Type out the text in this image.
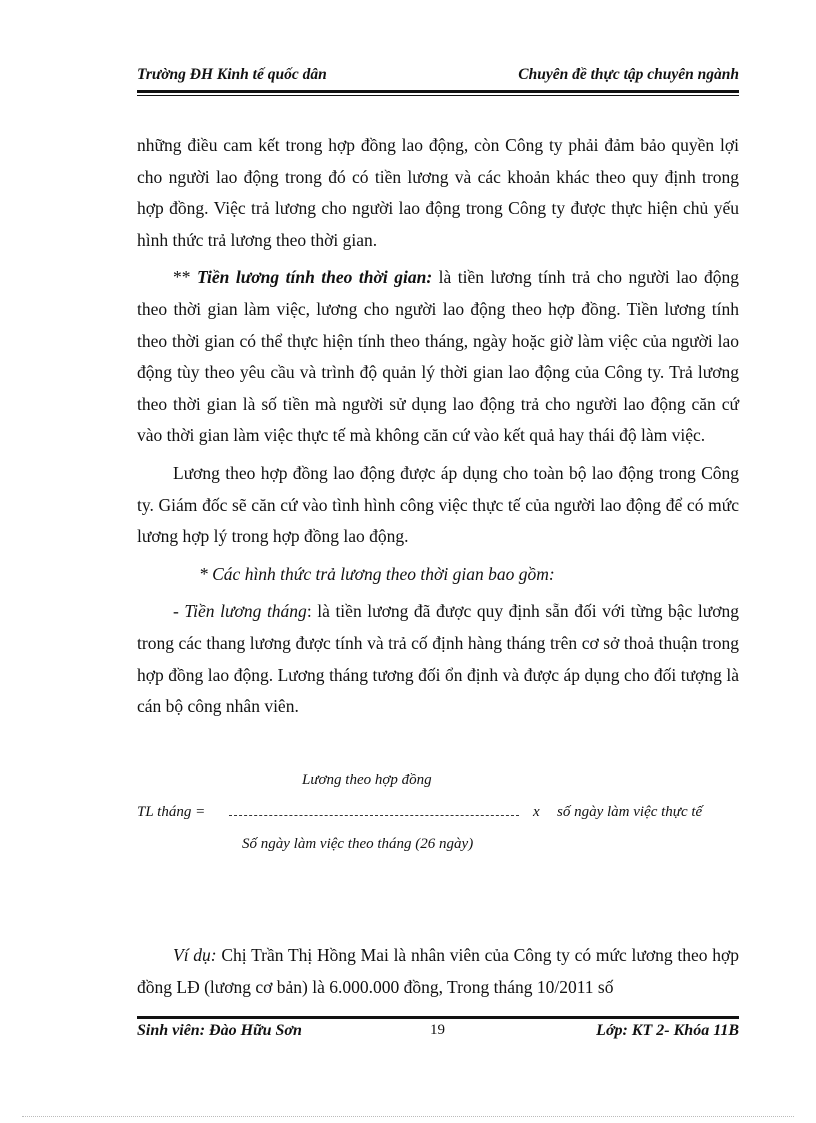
Trường ĐH Kinh tế quốc dân	Chuyên đề thực tập chuyên ngành

những điều cam kết trong hợp đồng lao động, còn Công ty phải đảm bảo quyền lợi cho người lao động trong đó có tiền lương và các khoản khác theo quy định trong hợp đồng. Việc trả lương cho người lao động trong Công ty được thực hiện chủ yếu hình thức trả lương theo thời gian.

** Tiền lương tính theo thời gian: là tiền lương tính trả cho người lao động theo thời gian làm việc, lương cho người lao động theo hợp đồng. Tiền lương tính theo thời gian có thể thực hiện tính theo tháng, ngày hoặc giờ làm việc của người lao động tùy theo yêu cầu và trình độ quản lý thời gian lao động của Công ty. Trả lương theo thời gian là số tiền mà người sử dụng lao động trả cho người lao động căn cứ vào thời gian làm việc thực tế mà không căn cứ vào kết quả hay thái độ làm việc.

Lương theo hợp đồng lao động được áp dụng cho toàn bộ lao động trong Công ty. Giám đốc sẽ căn cứ vào tình hình công việc thực tế của người lao động để có mức lương hợp lý trong hợp đồng lao động.

* Các hình thức trả lương theo thời gian bao gồm:

- Tiền lương tháng: là tiền lương đã được quy định sẵn đối với từng bậc lương trong các thang lương được tính và trả cố định hàng tháng trên cơ sở thoả thuận trong hợp đồng lao động. Lương tháng tương đối ổn định và được áp dụng cho đối tượng là cán bộ công nhân viên.

Lương theo hợp đồng
TL tháng =	x số ngày làm việc thực tế
Số ngày làm việc theo tháng (26 ngày)

Ví dụ: Chị Trần Thị Hồng Mai là nhân viên của Công ty có mức lương theo hợp đồng LĐ (lương cơ bản) là 6.000.000 đồng, Trong tháng 10/2011 số

Sinh viên: Đào Hữu Sơn	19	Lớp: KT 2- Khóa 11B
